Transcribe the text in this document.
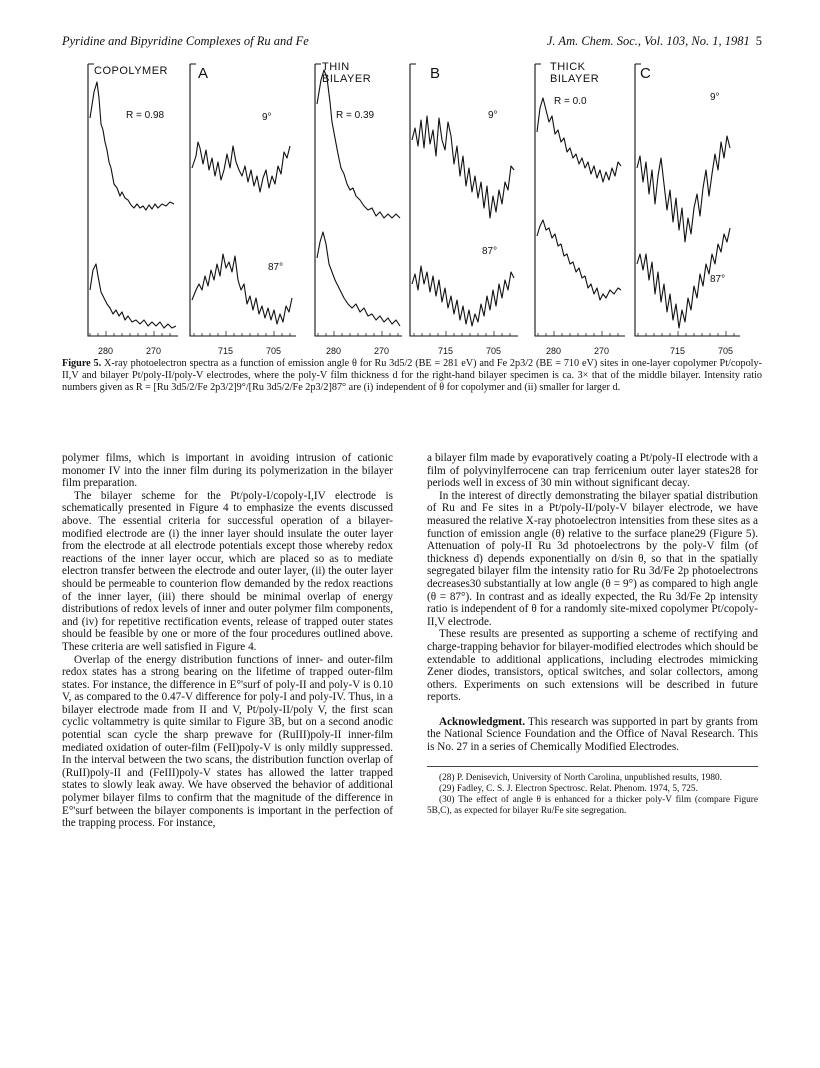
Pyridine and Bipyridine Complexes of Ru and Fe	J. Am. Chem. Soc., Vol. 103, No. 1, 1981 5
COPOLYMER A	THIN
BILAYER	B	THICK
BILAYER	C
R = 0.98	R = 0.39
R = 0.0
9°
87°
9°
87°
9°
87°
280	270	715	705	280	270	715	705	280	270	715	705
Figure 5. X-ray photoelectron spectra as a function of emission angle θ for Ru 3d5/2 (BE = 281 eV) and Fe 2p3/2 (BE = 710 eV) sites in one-layer copolymer Pt/copoly-II,V and bilayer Pt/poly-II/poly-V electrodes, where the poly-V film thickness d for the right-hand bilayer specimen is ca. 3× that of the middle bilayer. Intensity ratio numbers given as R = [Ru 3d5/2/Fe 2p3/2]9°/[Ru 3d5/2/Fe 2p3/2]87° are (i) independent of θ for copolymer and (ii) smaller for larger d.

polymer films, which is important in avoiding intrusion of cationic monomer IV into the inner film during its polymerization in the bilayer film preparation.

The bilayer scheme for the Pt/poly-I/copoly-I,IV electrode is schematically presented in Figure 4 to emphasize the events discussed above. The essential criteria for successful operation of a bilayer-modified electrode are (i) the inner layer should insulate the outer layer from the electrode at all electrode potentials except those whereby redox reactions of the inner layer occur, which are placed so as to mediate electron transfer between the electrode and outer layer, (ii) the outer layer should be permeable to counterion flow demanded by the redox reactions of the inner layer, (iii) there should be minimal overlap of energy distributions of redox levels of inner and outer polymer film components, and (iv) for repetitive rectification events, release of trapped outer states should be feasible by one or more of the four procedures outlined above. These criteria are well satisfied in Figure 4.

Overlap of the energy distribution functions of inner- and outer-film redox states has a strong bearing on the lifetime of trapped outer-film states. For instance, the difference in E°'surf of poly-II and poly-V is 0.10 V, as compared to the 0.47-V difference for poly-I and poly-IV. Thus, in a bilayer electrode made from II and V, Pt/poly-II/poly V, the first scan cyclic voltammetry is quite similar to Figure 3B, but on a second anodic potential scan cycle the sharp prewave for (RuIII)poly-II inner-film mediated oxidation of outer-film (FeII)poly-V is only mildly suppressed. In the interval between the two scans, the distribution function overlap of (RuII)poly-II and (FeIII)poly-V states has allowed the latter trapped states to slowly leak away. We have observed the behavior of additional polymer bilayer films to confirm that the magnitude of the difference in E°'surf between the bilayer components is important in the perfection of the trapping process. For instance,

a bilayer film made by evaporatively coating a Pt/poly-II electrode with a film of polyvinylferrocene can trap ferricenium outer layer states28 for periods well in excess of 30 min without significant decay.

In the interest of directly demonstrating the bilayer spatial distribution of Ru and Fe sites in a Pt/poly-II/poly-V bilayer electrode, we have measured the relative X-ray photoelectron intensities from these sites as a function of emission angle (θ) relative to the surface plane29 (Figure 5). Attenuation of poly-II Ru 3d photoelectrons by the poly-V film (of thickness d) depends exponentially on d/sin θ, so that in the spatially segregated bilayer film the intensity ratio for Ru 3d/Fe 2p photoelectrons decreases30 substantially at low angle (θ = 9°) as compared to high angle (θ = 87°). In contrast and as ideally expected, the Ru 3d/Fe 2p intensity ratio is independent of θ for a randomly site-mixed copolymer Pt/copoly-II,V electrode.

These results are presented as supporting a scheme of rectifying and charge-trapping behavior for bilayer-modified electrodes which should be extendable to additional applications, including electrodes mimicking Zener diodes, transistors, optical switches, and solar collectors, among others. Experiments on such extensions will be described in future reports.

Acknowledgment. This research was supported in part by grants from the National Science Foundation and the Office of Naval Research. This is No. 27 in a series of Chemically Modified Electrodes.

(28) P. Denisevich, University of North Carolina, unpublished results, 1980.
(29) Fadley, C. S. J. Electron Spectrosc. Relat. Phenom. 1974, 5, 725.
(30) The effect of angle θ is enhanced for a thicker poly-V film (compare Figure 5B,C), as expected for bilayer Ru/Fe site segregation.
